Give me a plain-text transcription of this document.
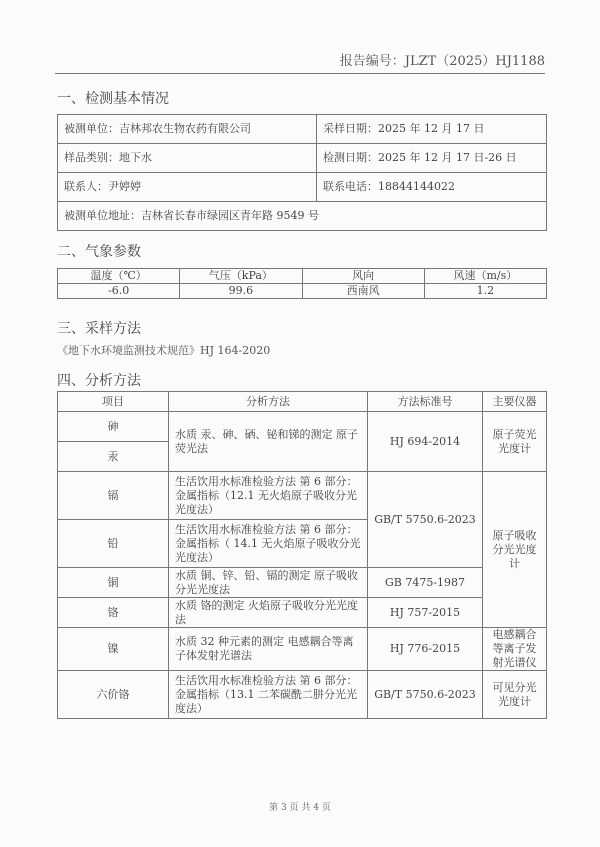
报告编号：JLZT（2025）HJ1188
一、检测基本情况
被测单位：吉林邦农生物农药有限公司	采样日期：2025 年 12 月 17 日
样品类别：地下水	检测日期：2025 年 12 月 17 日-26 日
联系人：尹婷婷	联系电话：18844144022
被测单位地址：吉林省长春市绿园区青年路 9549 号	
二、气象参数
温度（℃）	气压（kPa）	风向	风速（m/s）
-6.0	99.6	西南风	1.2
三、采样方法
《地下水环境监测技术规范》HJ 164-2020
四、分析方法
项目	分析方法	方法标准号	主要仪器
砷	水质 汞、砷、硒、铋和锑的测定 原子荧光法	HJ 694-2014	原子荧光光度计
汞			
镉	生活饮用水标准检验方法 第 6 部分：金属指标（12.1 无火焰原子吸收分光光度法）	GB/T 5750.6-2023	原子吸收分光光度计
铅	生活饮用水标准检验方法 第 6 部分：金属指标（ 14.1 无火焰原子吸收分光光度法）		
铜	水质 铜、锌、铅、镉的测定 原子吸收分光光度法	GB 7475-1987	
铬	水质 铬的测定 火焰原子吸收分光光度法	HJ 757-2015	
镍	水质 32 种元素的测定 电感耦合等离子体发射光谱法	HJ 776-2015	电感耦合等离子发射光谱仪
六价铬	生活饮用水标准检验方法 第 6 部分：金属指标（13.1 二苯碳酰二肼分光光度法）	GB/T 5750.6-2023	可见分光光度计
第 3 页 共 4 页
